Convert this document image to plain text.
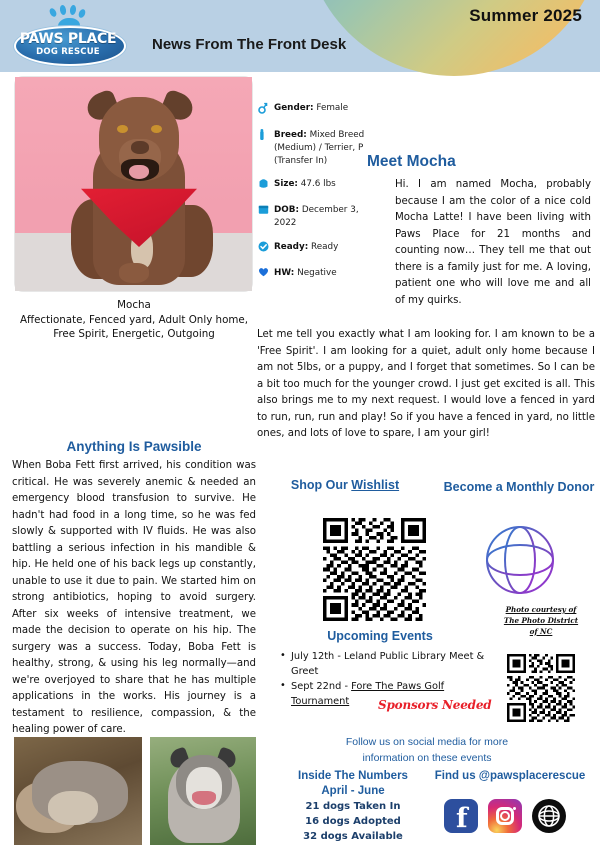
PAWS PLACE
DOG RESCUE	News From The Front Desk
Summer 2025
Mocha
Affectionate, Fenced yard, Adult Only home, Free Spirit, Energetic, Outgoing
Gender: Female
Breed: Mixed Breed (Medium) / Terrier, P (Transfer In)
Size: 47.6 lbs
DOB: December 3, 2022
Ready: Ready
HW: Negative
Meet Mocha
Hi. I am named Mocha, probably because I am the color of a nice cold Mocha Latte! I have been living with Paws Place for 21 months and counting now… They tell me that out there is a family just for me. A loving, patient one who will love me and all of my quirks.
Let me tell you exactly what I am looking for. I am known to be a 'Free Spirit'. I am looking for a quiet, adult only home because I am not 5lbs, or a puppy, and I forget that sometimes. So I can be a bit too much for the younger crowd. I just get excited is all. This also brings me to my next request. I would love a fenced in yard to run, run, run and play! So if you have a fenced in yard, no little ones, and lots of love to spare, I am your girl!
Anything Is Pawsible
When Boba Fett first arrived, his condition was critical. He was severely anemic & needed an emergency blood transfusion to survive. He hadn't had food in a long time, so he was fed slowly & supported with IV fluids. He was also battling a serious infection in his mandible & hip. He held one of his back legs up constantly, unable to use it due to pain. We started him on strong antibiotics, hoping to avoid surgery. After six weeks of intensive treatment, we made the decision to operate on his hip. The surgery was a success. Today, Boba Fett is healthy, strong, & using his leg normally—and we're overjoyed to share that he has multiple applications in the works. His journey is a testament to resilience, compassion, & the healing power of care.
Shop Our Wishlist	Become a Monthly Donor
Photo courtesy of
The Photo District
of NC
Upcoming Events
• July 12th - Leland Public Library Meet & Greet
• Sept 22nd - Fore The Paws Golf Tournament	Sponsors Needed
Follow us on social media for more
information on these events
Inside The Numbers
April - June
21 dogs Taken In
16 dogs Adopted
32 dogs Available
Find us @pawsplacerescue
f
